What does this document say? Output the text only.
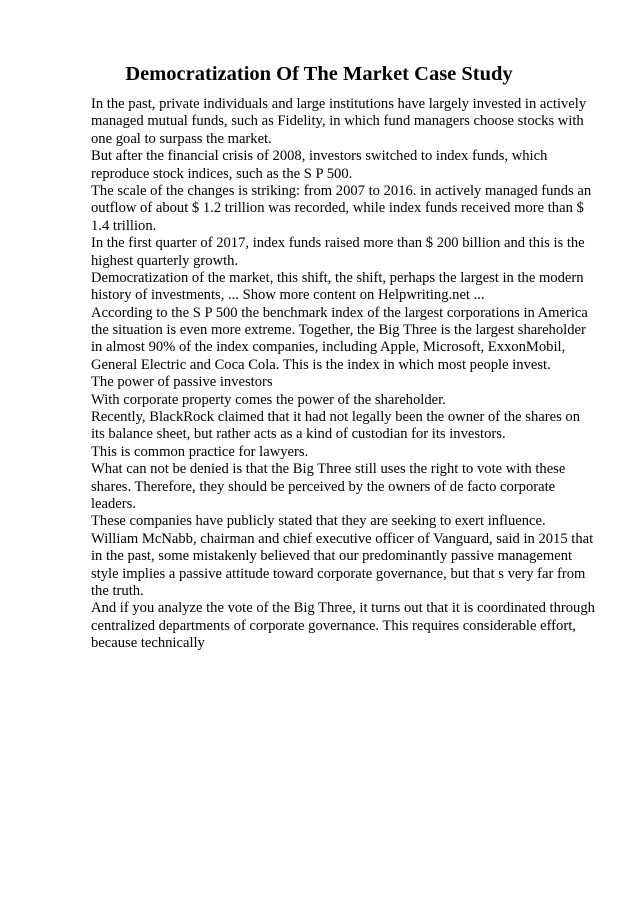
Democratization Of The Market Case Study
In the past, private individuals and large institutions have largely invested in actively
managed mutual funds, such as Fidelity, in which fund managers choose stocks with
one goal to surpass the market.
But after the financial crisis of 2008, investors switched to index funds, which
reproduce stock indices, such as the S P 500.
The scale of the changes is striking: from 2007 to 2016. in actively managed funds an
outflow of about $ 1.2 trillion was recorded, while index funds received more than $
1.4 trillion.
In the first quarter of 2017, index funds raised more than $ 200 billion and this is the
highest quarterly growth.
Democratization of the market, this shift, the shift, perhaps the largest in the modern
history of investments, ... Show more content on Helpwriting.net ...
According to the S P 500 the benchmark index of the largest corporations in America
the situation is even more extreme. Together, the Big Three is the largest shareholder
in almost 90% of the index companies, including Apple, Microsoft, ExxonMobil,
General Electric and Coca Cola. This is the index in which most people invest.
The power of passive investors
With corporate property comes the power of the shareholder.
Recently, BlackRock claimed that it had not legally been the owner of the shares on
its balance sheet, but rather acts as a kind of custodian for its investors.
This is common practice for lawyers.
What can not be denied is that the Big Three still uses the right to vote with these
shares. Therefore, they should be perceived by the owners of de facto corporate
leaders.
These companies have publicly stated that they are seeking to exert influence.
William McNabb, chairman and chief executive officer of Vanguard, said in 2015 that
in the past, some mistakenly believed that our predominantly passive management
style implies a passive attitude toward corporate governance, but that s very far from
the truth.
And if you analyze the vote of the Big Three, it turns out that it is coordinated through
centralized departments of corporate governance. This requires considerable effort,
because technically
